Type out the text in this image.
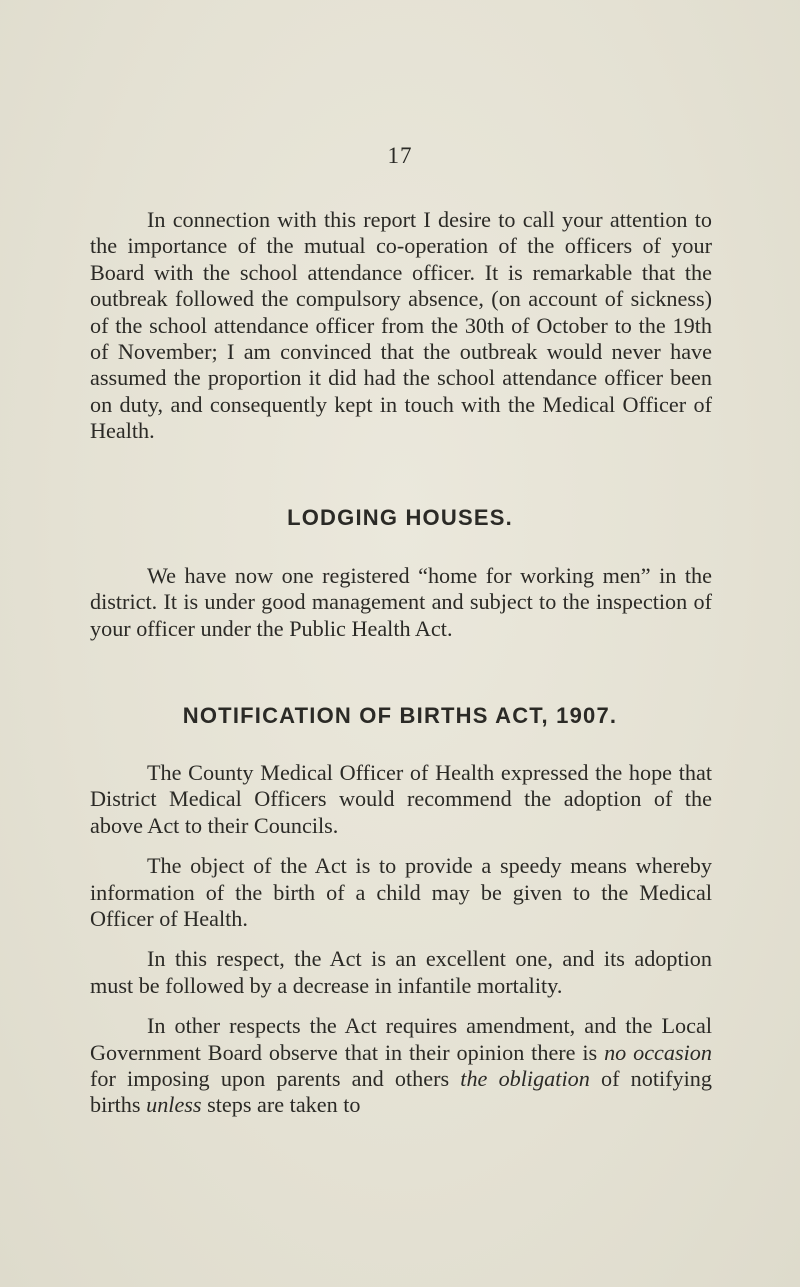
17

In connection with this report I desire to call your attention to the importance of the mutual co-operation of the officers of your Board with the school attendance officer. It is remarkable that the outbreak followed the compulsory absence, (on account of sickness) of the school attendance officer from the 30th of October to the 19th of November; I am convinced that the outbreak would never have assumed the proportion it did had the school attendance officer been on duty, and consequently kept in touch with the Medical Officer of Health.

LODGING HOUSES.

We have now one registered “home for working men” in the district. It is under good management and subject to the inspection of your officer under the Public Health Act.

NOTIFICATION OF BIRTHS ACT, 1907.

The County Medical Officer of Health expressed the hope that District Medical Officers would recommend the adoption of the above Act to their Councils.

The object of the Act is to provide a speedy means whereby information of the birth of a child may be given to the Medical Officer of Health.

In this respect, the Act is an excellent one, and its adoption must be followed by a decrease in infantile mortality.

In other respects the Act requires amendment, and the Local Government Board observe that in their opinion there is no occasion for imposing upon parents and others the obligation of notifying births unless steps are taken to
